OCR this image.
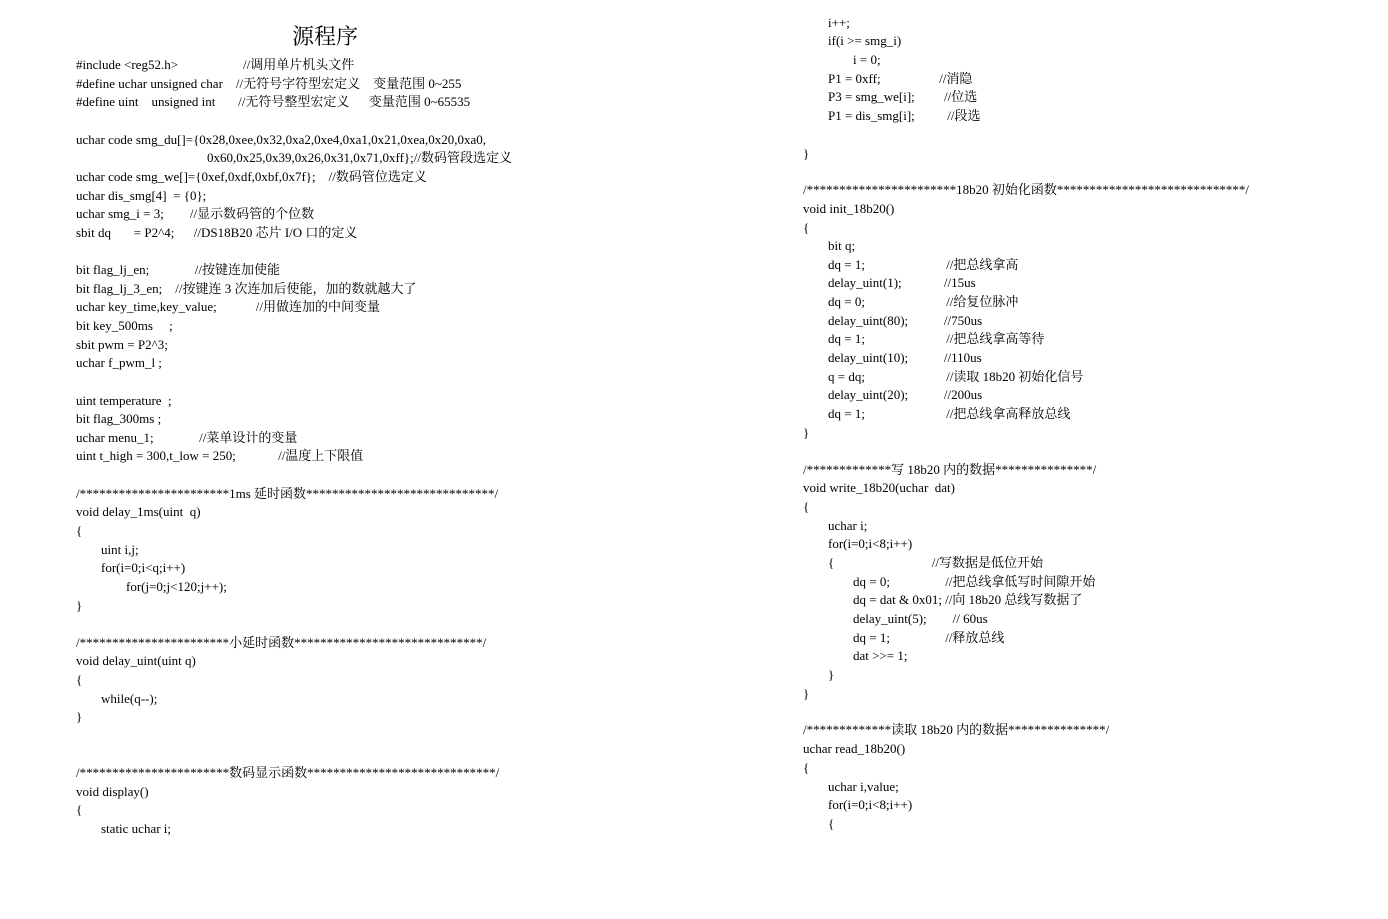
源程序
#include <reg52.h>                    //调用单片机头文件
#define uchar unsigned char    //无符号字符型宏定义    变量范围 0~255
#define uint    unsigned int       //无符号整型宏定义      变量范围 0~65535
uchar code smg_du[]={0x28,0xee,0x32,0xa2,0xe4,0xa1,0x21,0xea,0x20,0xa0,
0x60,0x25,0x39,0x26,0x31,0x71,0xff};//数码管段选定义
uchar code smg_we[]={0xef,0xdf,0xbf,0x7f};    //数码管位选定义
uchar dis_smg[4]  = {0};
uchar smg_i = 3;        //显示数码管的个位数
sbit dq       = P2^4;      //DS18B20 芯片 I/O 口的定义
bit flag_lj_en;              //按键连加使能
bit flag_lj_3_en;    //按键连 3 次连加后使能，加的数就越大了
uchar key_time,key_value;            //用做连加的中间变量
bit key_500ms     ;
sbit pwm = P2^3;
uchar f_pwm_l ;
uint temperature  ;
bit flag_300ms ;
uchar menu_1;              //菜单设计的变量
uint t_high = 300,t_low = 250;             //温度上下限值
/***********************1ms 延时函数*****************************/
void delay_1ms(uint  q)
{
uint i,j;
for(i=0;i<q;i++)
for(j=0;j<120;j++);
}
/***********************小延时函数*****************************/
void delay_uint(uint q)
{
while(q--);
}
/***********************数码显示函数*****************************/
void display()
{
static uchar i;
i++;
if(i >= smg_i)
i = 0;
P1 = 0xff;                  //消隐
P3 = smg_we[i];         //位选
P1 = dis_smg[i];          //段选
}
/***********************18b20 初始化函数*****************************/
void init_18b20()
{
bit q;
dq = 1;                         //把总线拿高
delay_uint(1);             //15us
dq = 0;                         //给复位脉冲
delay_uint(80);           //750us
dq = 1;                         //把总线拿高等待
delay_uint(10);           //110us
q = dq;                         //读取 18b20 初始化信号
delay_uint(20);           //200us
dq = 1;                         //把总线拿高释放总线
}
/*************写 18b20 内的数据***************/
void write_18b20(uchar  dat)
{
uchar i;
for(i=0;i<8;i++)
{                              //写数据是低位开始
dq = 0;                 //把总线拿低写时间隙开始
dq = dat & 0x01; //向 18b20 总线写数据了
delay_uint(5);        // 60us
dq = 1;                 //释放总线
dat >>= 1;
}
}
/*************读取 18b20 内的数据***************/
uchar read_18b20()
{
uchar i,value;
for(i=0;i<8;i++)
{
